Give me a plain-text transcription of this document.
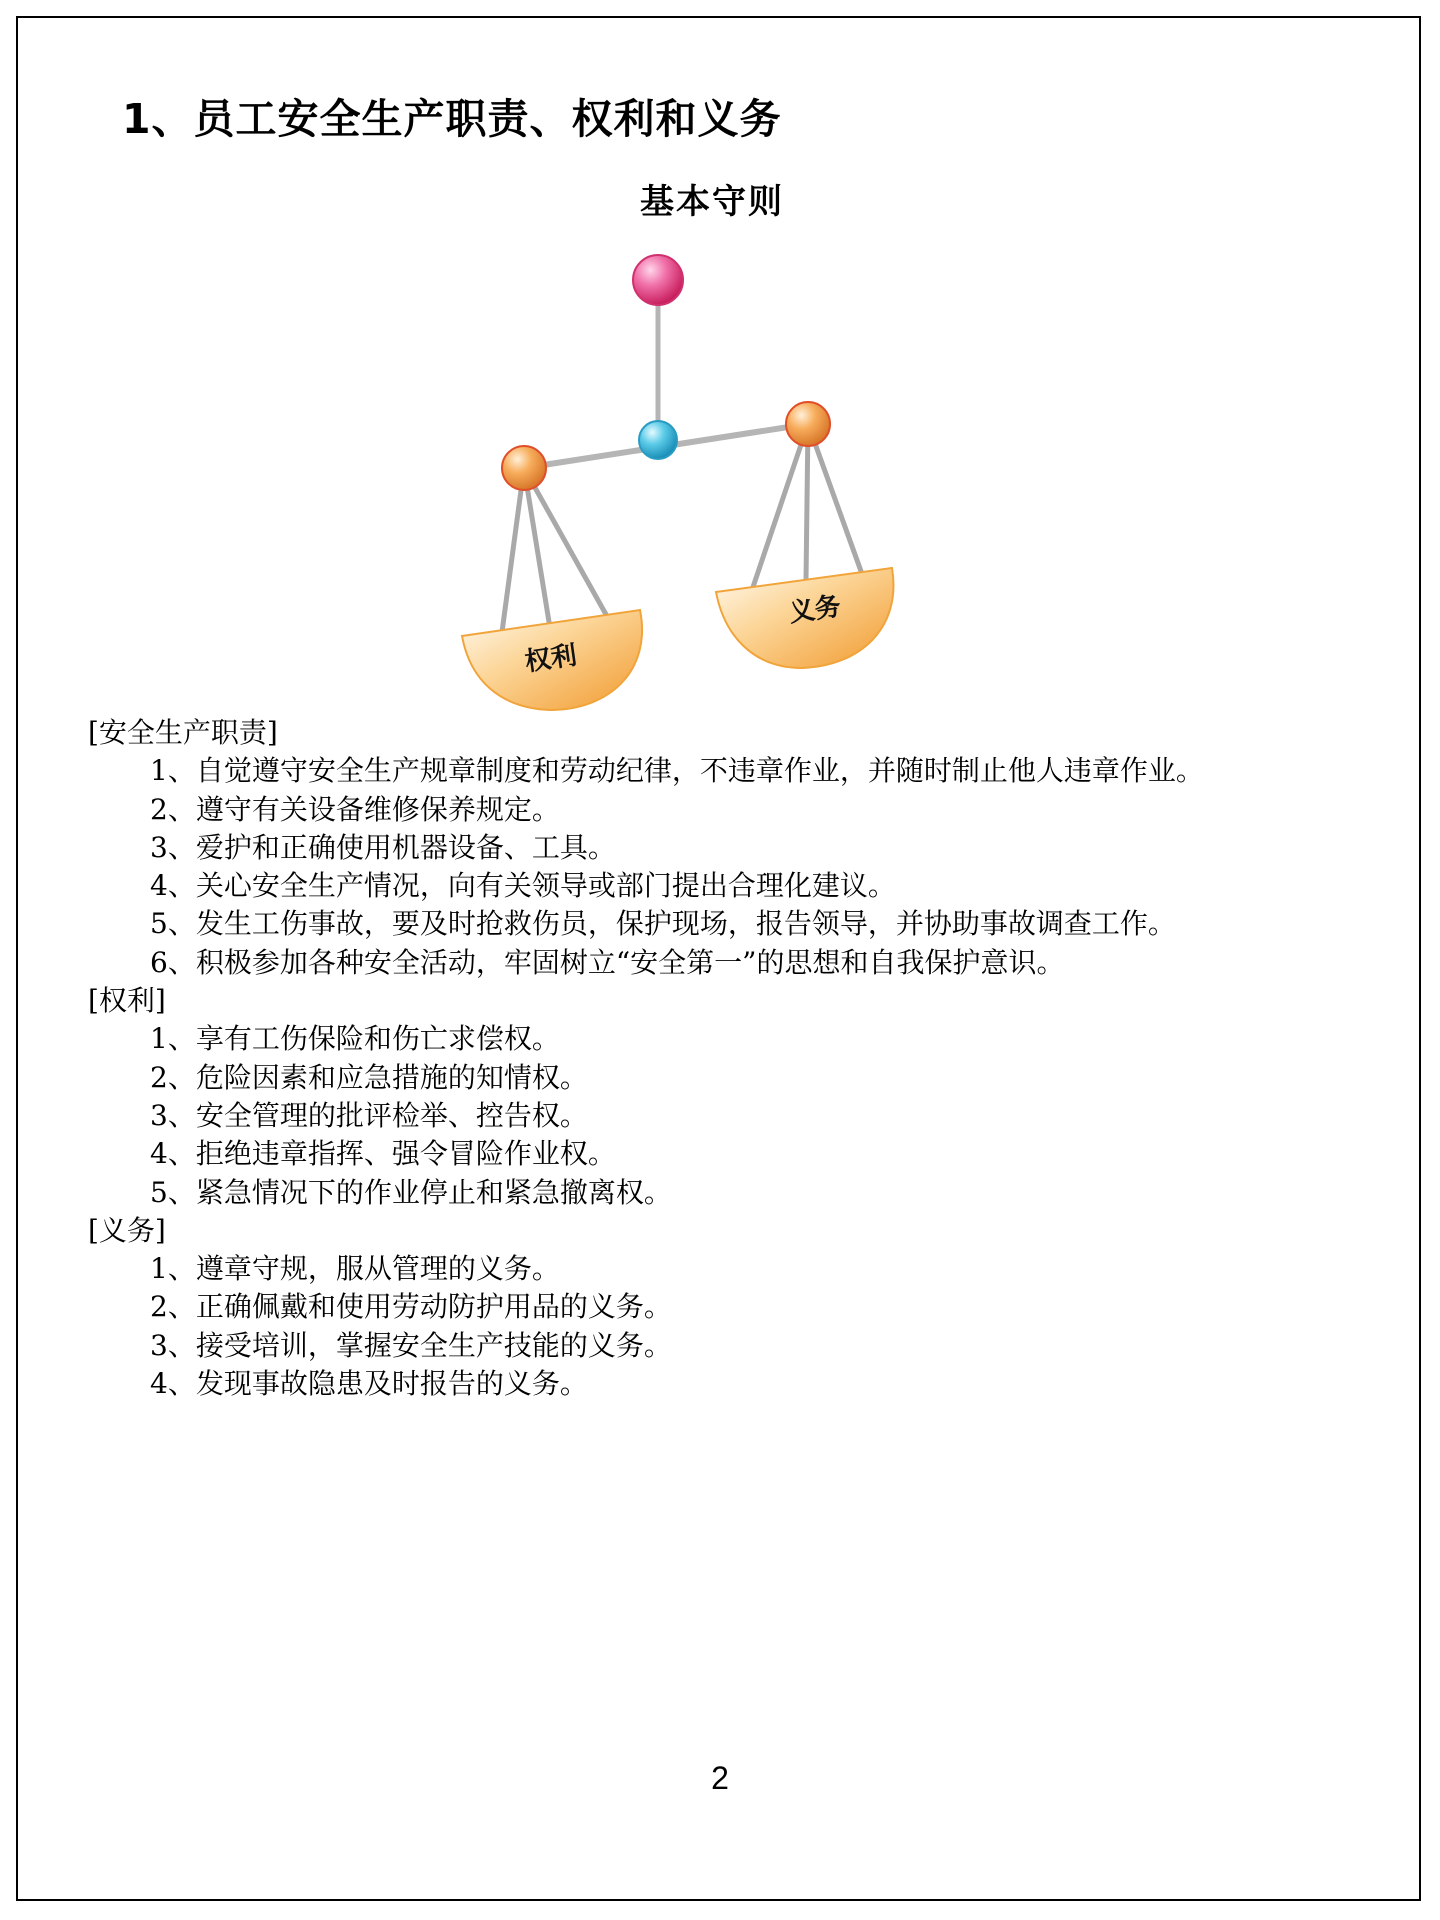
1、员工安全生产职责、权利和义务
基本守则
权利
义务
[安全生产职责]
1、自觉遵守安全生产规章制度和劳动纪律，不违章作业，并随时制止他人违章作业。
2、遵守有关设备维修保养规定。
3、爱护和正确使用机器设备、工具。
4、关心安全生产情况，向有关领导或部门提出合理化建议。
5、发生工伤事故，要及时抢救伤员，保护现场，报告领导，并协助事故调查工作。
6、积极参加各种安全活动，牢固树立“安全第一”的思想和自我保护意识。
[权利]
1、享有工伤保险和伤亡求偿权。
2、危险因素和应急措施的知情权。
3、安全管理的批评检举、控告权。
4、拒绝违章指挥、强令冒险作业权。
5、紧急情况下的作业停止和紧急撤离权。
[义务]
1、遵章守规，服从管理的义务。
2、正确佩戴和使用劳动防护用品的义务。
3、接受培训，掌握安全生产技能的义务。
4、发现事故隐患及时报告的义务。
2
